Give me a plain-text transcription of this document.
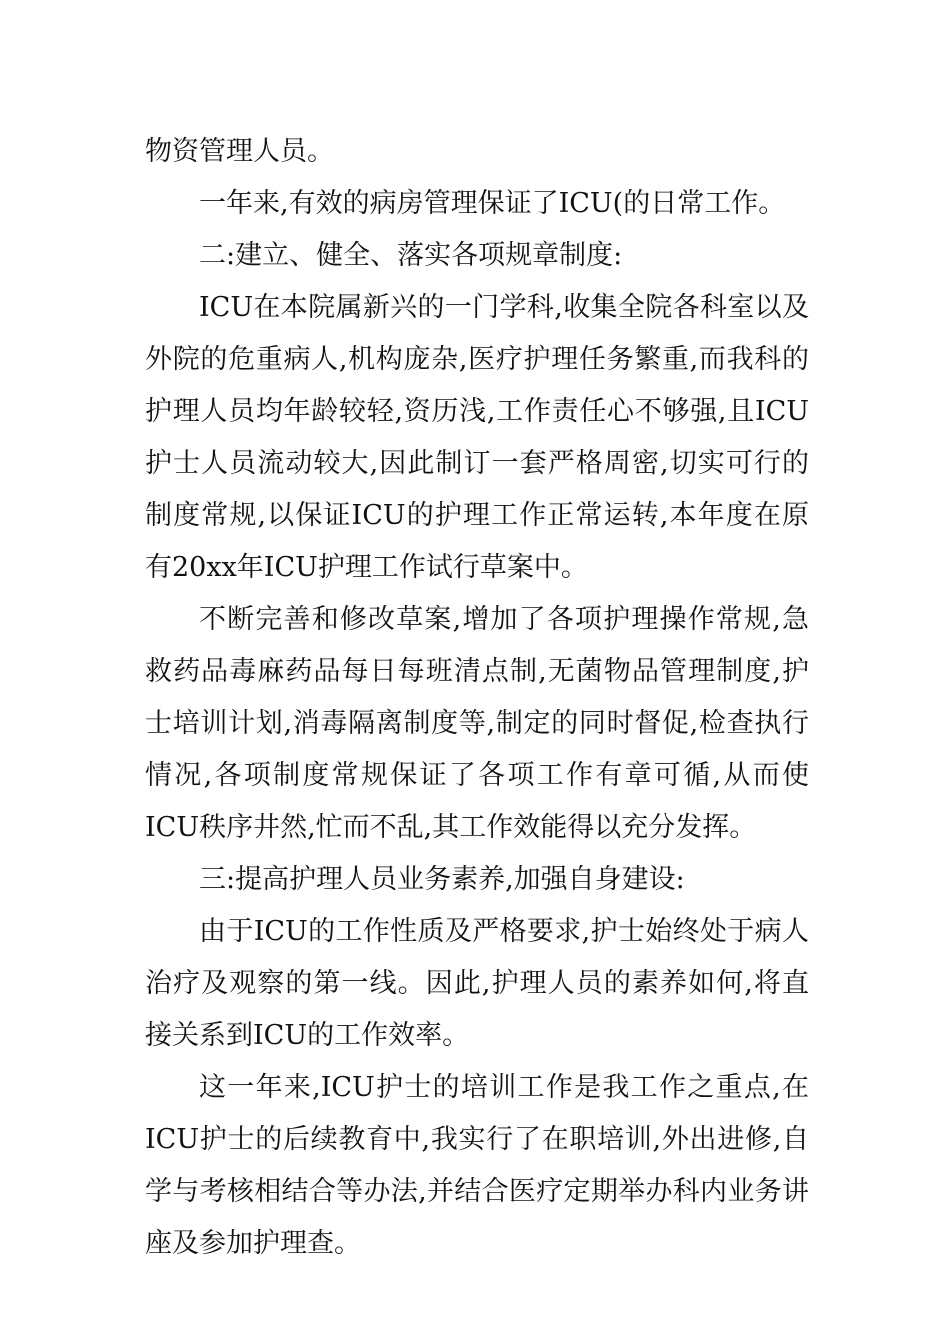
物资管理人员。

一年来,有效的病房管理保证了ICU(的日常工作。

二:建立、健全、落实各项规章制度:

ICU在本院属新兴的一门学科,收集全院各科室以及外院的危重病人,机构庞杂,医疗护理任务繁重,而我科的护理人员均年龄较轻,资历浅,工作责任心不够强,且ICU护士人员流动较大,因此制订一套严格周密,切实可行的制度常规,以保证ICU的护理工作正常运转,本年度在原有20xx年ICU护理工作试行草案中。

不断完善和修改草案,增加了各项护理操作常规,急救药品毒麻药品每日每班清点制,无菌物品管理制度,护士培训计划,消毒隔离制度等,制定的同时督促,检查执行情况,各项制度常规保证了各项工作有章可循,从而使ICU秩序井然,忙而不乱,其工作效能得以充分发挥。

三:提高护理人员业务素养,加强自身建设:

由于ICU的工作性质及严格要求,护士始终处于病人治疗及观察的第一线。因此,护理人员的素养如何,将直接关系到ICU的工作效率。

这一年来,ICU护士的培训工作是我工作之重点,在ICU护士的后续教育中,我实行了在职培训,外出进修,自学与考核相结合等办法,并结合医疗定期举办科内业务讲座及参加护理查。
